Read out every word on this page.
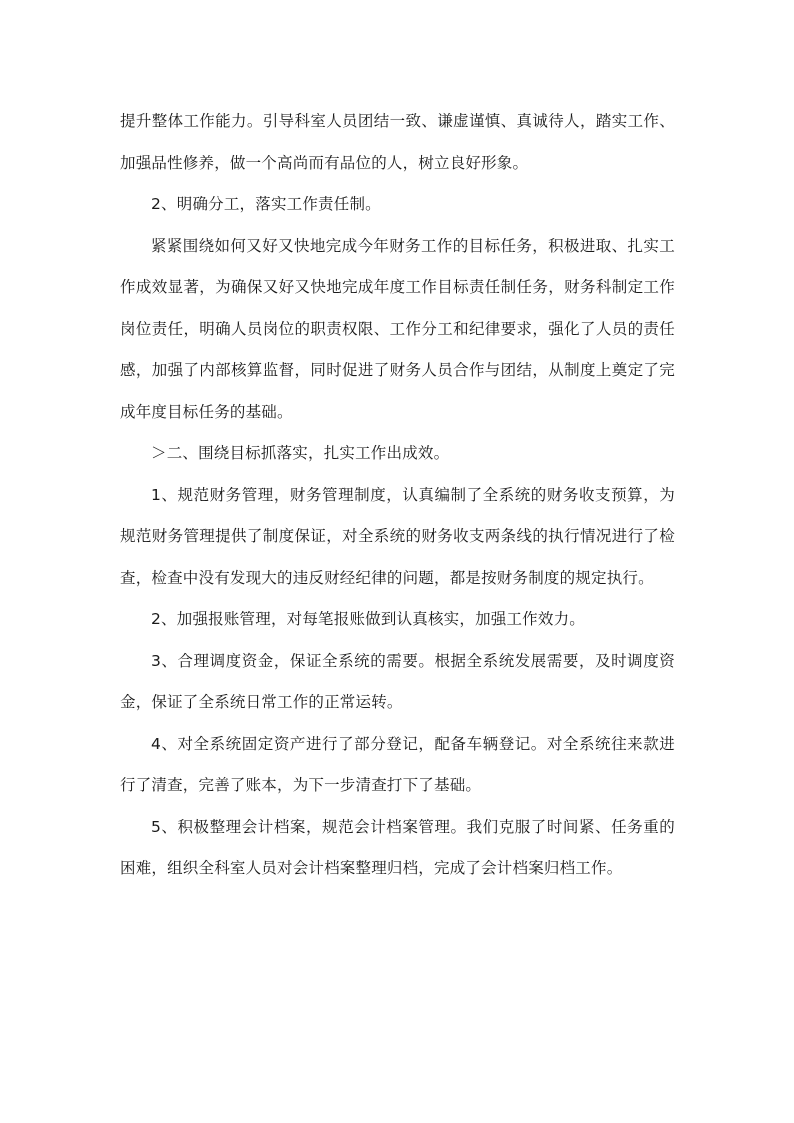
提升整体工作能力。引导科室人员团结一致、谦虚谨慎、真诚待人，踏实工作、加强品性修养，做一个高尚而有品位的人，树立良好形象。

2、明确分工，落实工作责任制。

紧紧围绕如何又好又快地完成今年财务工作的目标任务，积极进取、扎实工作成效显著，为确保又好又快地完成年度工作目标责任制任务，财务科制定工作岗位责任，明确人员岗位的职责权限、工作分工和纪律要求，强化了人员的责任感，加强了内部核算监督，同时促进了财务人员合作与团结，从制度上奠定了完成年度目标任务的基础。

＞二、围绕目标抓落实，扎实工作出成效。

1、规范财务管理，财务管理制度，认真编制了全系统的财务收支预算，为规范财务管理提供了制度保证，对全系统的财务收支两条线的执行情况进行了检查，检查中没有发现大的违反财经纪律的问题，都是按财务制度的规定执行。

2、加强报账管理，对每笔报账做到认真核实，加强工作效力。

3、合理调度资金，保证全系统的需要。根据全系统发展需要，及时调度资金，保证了全系统日常工作的正常运转。

4、对全系统固定资产进行了部分登记，配备车辆登记。对全系统往来款进行了清查，完善了账本，为下一步清查打下了基础。

5、积极整理会计档案，规范会计档案管理。我们克服了时间紧、任务重的困难，组织全科室人员对会计档案整理归档，完成了会计档案归档工作。
